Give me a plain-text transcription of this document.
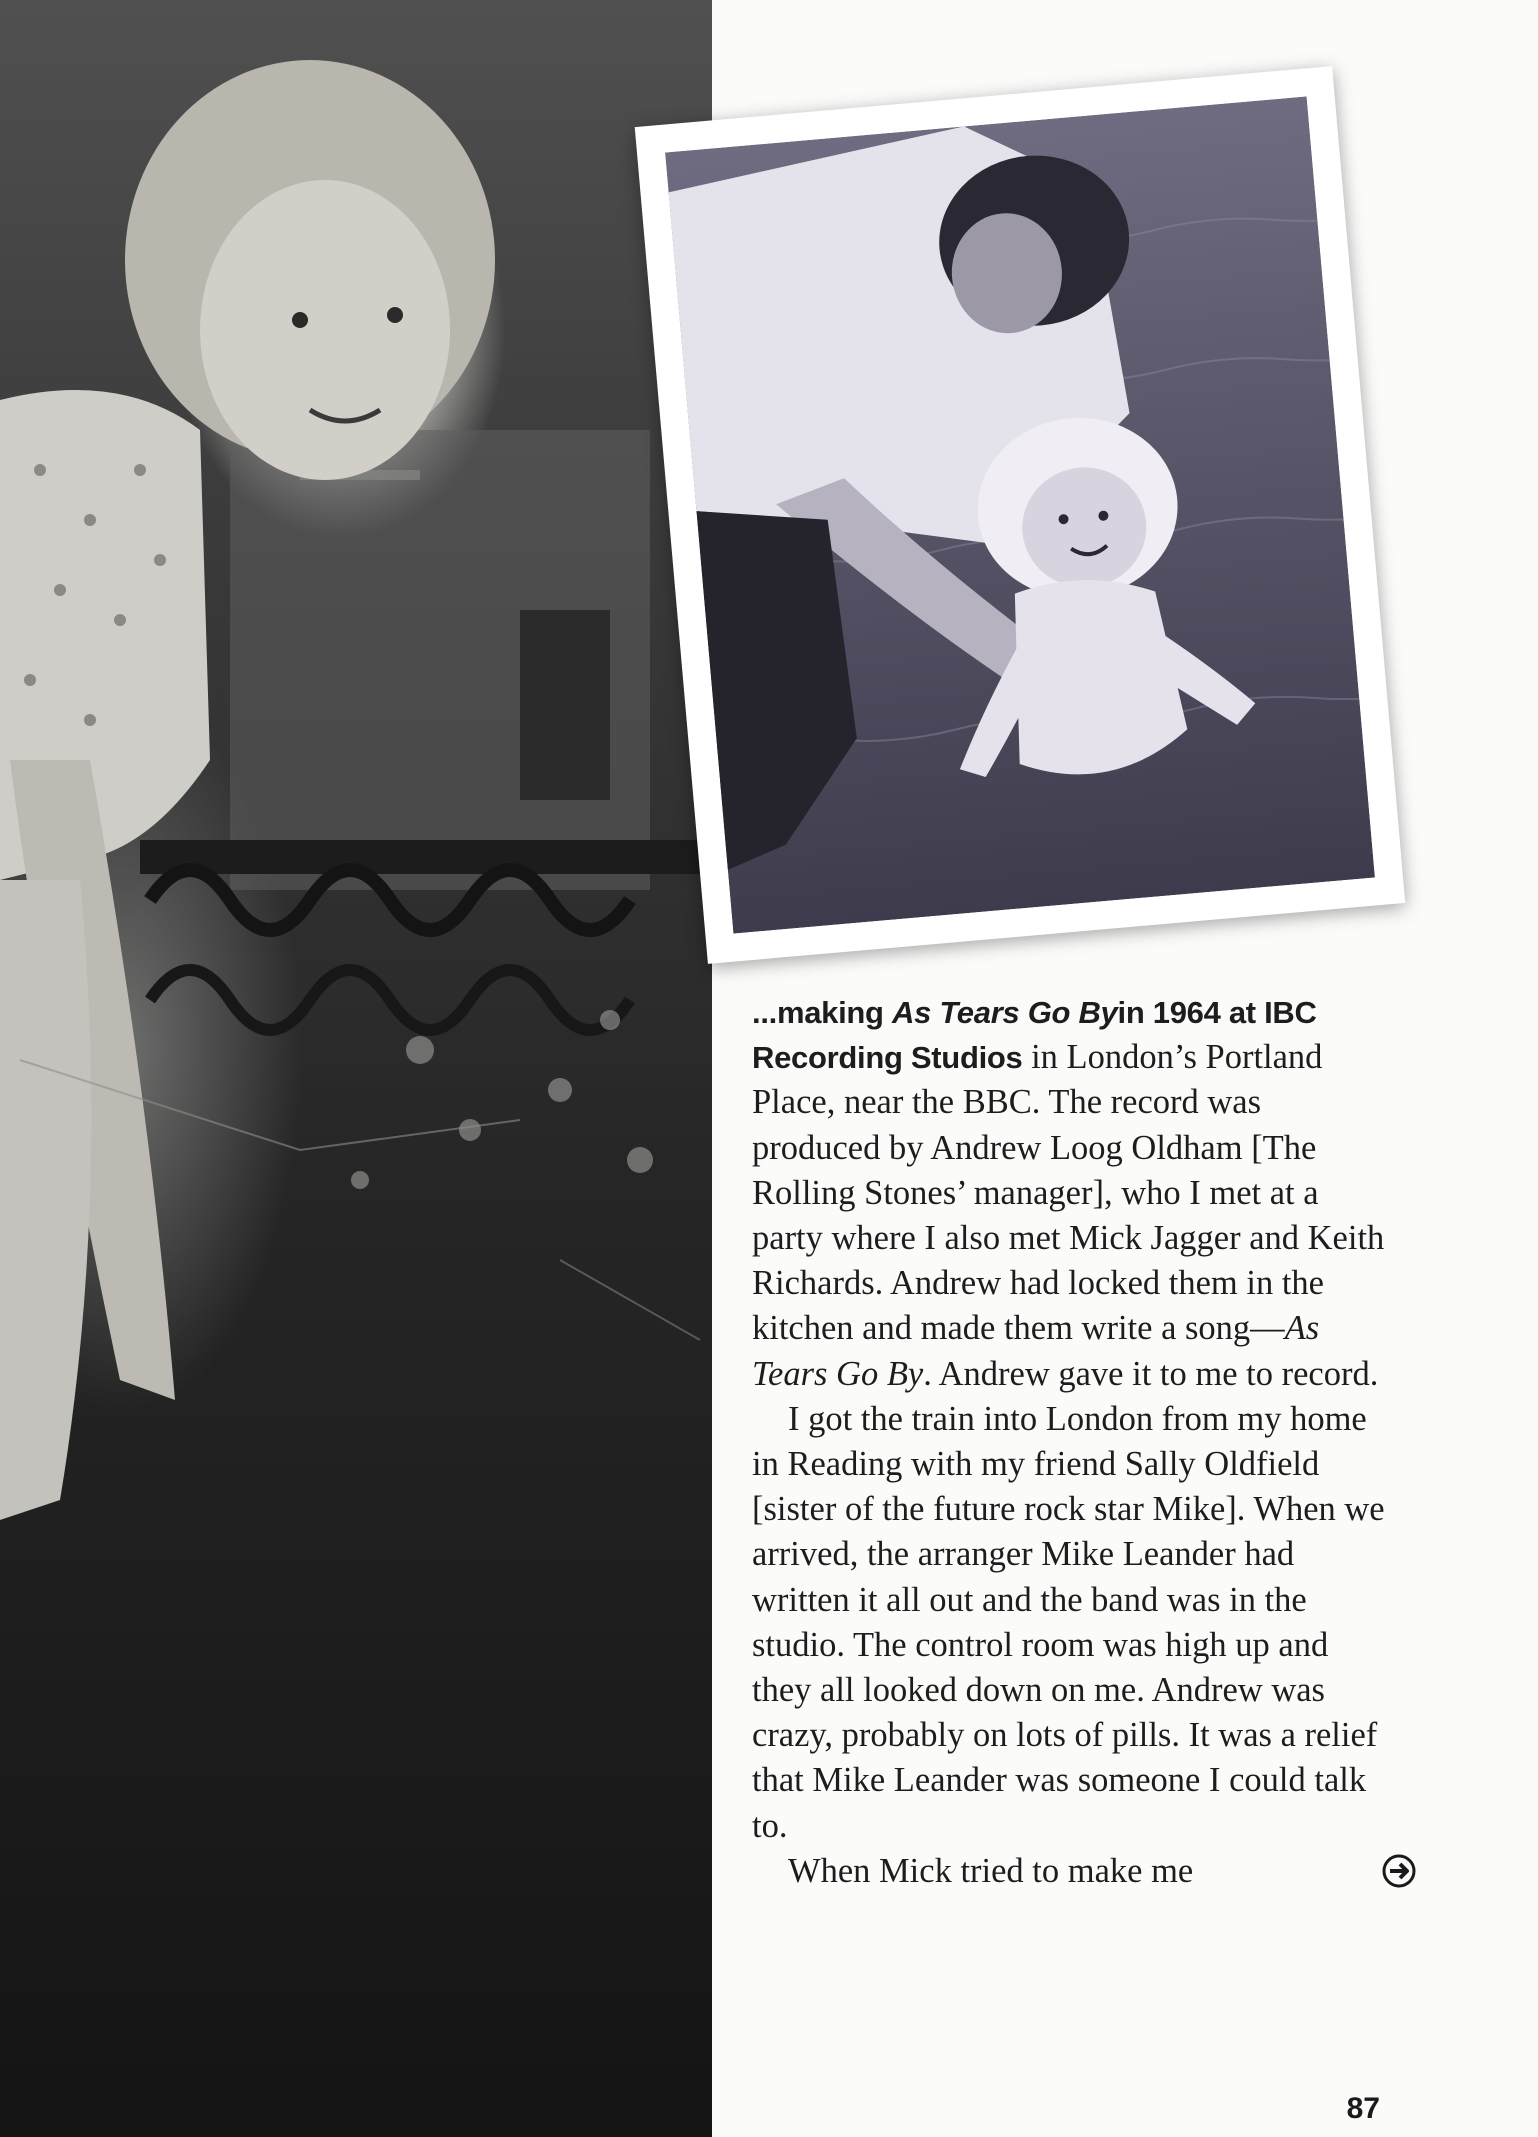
...making As Tears Go Byin 1964 at IBC Recording Studios in London’s Portland Place, near the BBC. The record was produced by Andrew Loog Oldham [The Rolling Stones’ manager], who I met at a party where I also met Mick Jagger and Keith Richards. Andrew had locked them in the kitchen and made them write a song—As Tears Go By. Andrew gave it to me to record.

I got the train into London from my home in Reading with my friend Sally Oldfield [sister of the future rock star Mike]. When we arrived, the arranger Mike Leander had written it all out and the band was in the studio. The control room was high up and they all looked down on me. Andrew was crazy, probably on lots of pills. It was a relief that Mike Leander was someone I could talk to.

When Mick tried to make me

87
